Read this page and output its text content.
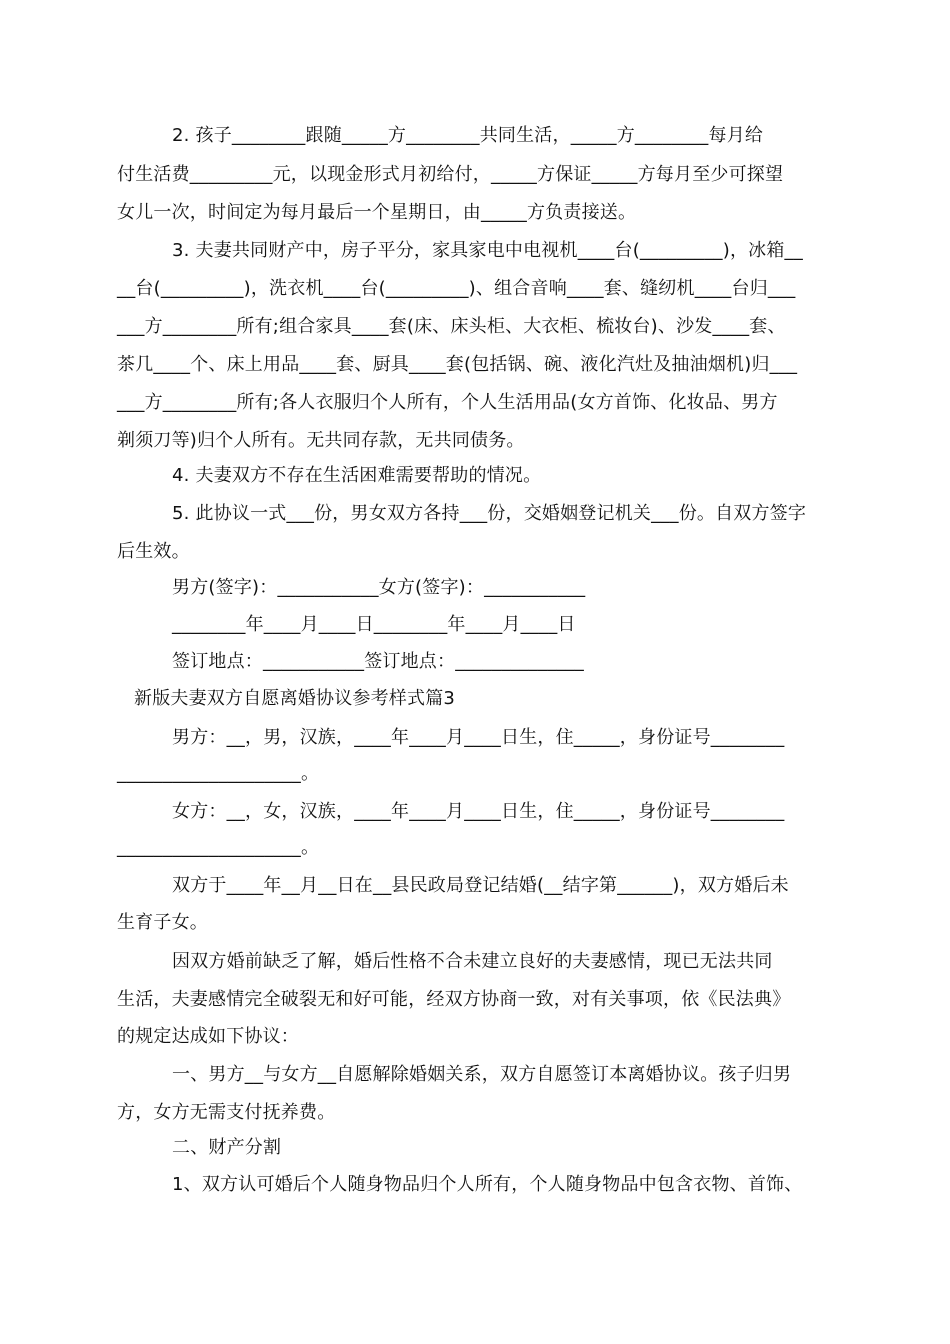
2. 孩子________跟随_____方________共同生活，_____方________每月给
付生活费_________元，以现金形式月初给付，_____方保证_____方每月至少可探望
女儿一次，时间定为每月最后一个星期日，由_____方负责接送。
3. 夫妻共同财产中，房子平分，家具家电中电视机____台(_________)，冰箱__
__台(_________)，洗衣机____台(_________)、组合音响____套、缝纫机____台归___
___方________所有;组合家具____套(床、床头柜、大衣柜、梳妆台)、沙发____套、
茶几____个、床上用品____套、厨具____套(包括锅、碗、液化汽灶及抽油烟机)归___
___方________所有;各人衣服归个人所有，个人生活用品(女方首饰、化妆品、男方
剃须刀等)归个人所有。无共同存款，无共同债务。
4. 夫妻双方不存在生活困难需要帮助的情况。
5. 此协议一式___份，男女双方各持___份，交婚姻登记机关___份。自双方签字
后生效。
男方(签字)：___________女方(签字)：___________
________年____月____日________年____月____日
签订地点：___________签订地点：______________
新版夫妻双方自愿离婚协议参考样式篇3
男方：__，男，汉族，____年____月____日生，住_____，身份证号________
____________________。
女方：__，女，汉族，____年____月____日生，住_____，身份证号________
____________________。
双方于____年__月__日在__县民政局登记结婚(__结字第______)，双方婚后未
生育子女。
因双方婚前缺乏了解，婚后性格不合未建立良好的夫妻感情，现已无法共同
生活，夫妻感情完全破裂无和好可能，经双方协商一致，对有关事项，依《民法典》
的规定达成如下协议：
一、男方__与女方__自愿解除婚姻关系，双方自愿签订本离婚协议。孩子归男
方，女方无需支付抚养费。
二、财产分割
1、双方认可婚后个人随身物品归个人所有，个人随身物品中包含衣物、首饰、
